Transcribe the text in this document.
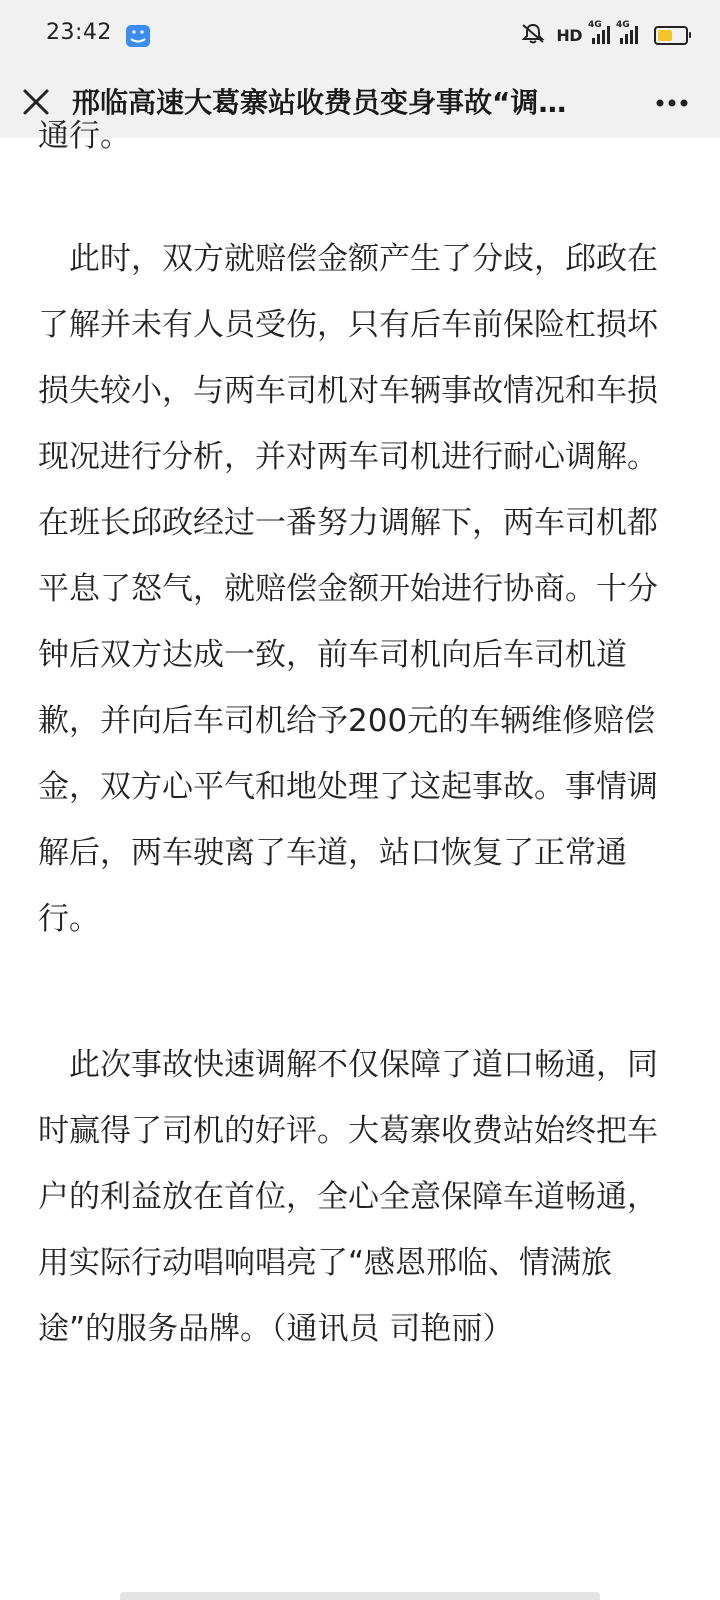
23:42	HD
4G 4G
邢临高速大葛寨站收费员变身事故“调…
通行。

此时，双方就赔偿金额产生了分歧，邱政在了解并未有人员受伤，只有后车前保险杠损坏损失较小，与两车司机对车辆事故情况和车损现况进行分析，并对两车司机进行耐心调解。在班长邱政经过一番努力调解下，两车司机都平息了怒气，就赔偿金额开始进行协商。十分钟后双方达成一致，前车司机向后车司机道歉，并向后车司机给予200元的车辆维修赔偿金，双方心平气和地处理了这起事故。事情调解后，两车驶离了车道，站口恢复了正常通行。

此次事故快速调解不仅保障了道口畅通，同时赢得了司机的好评。大葛寨收费站始终把车户的利益放在首位，全心全意保障车道畅通，用实际行动唱响唱亮了“感恩邢临、情满旅途”的服务品牌。（通讯员 司艳丽）
